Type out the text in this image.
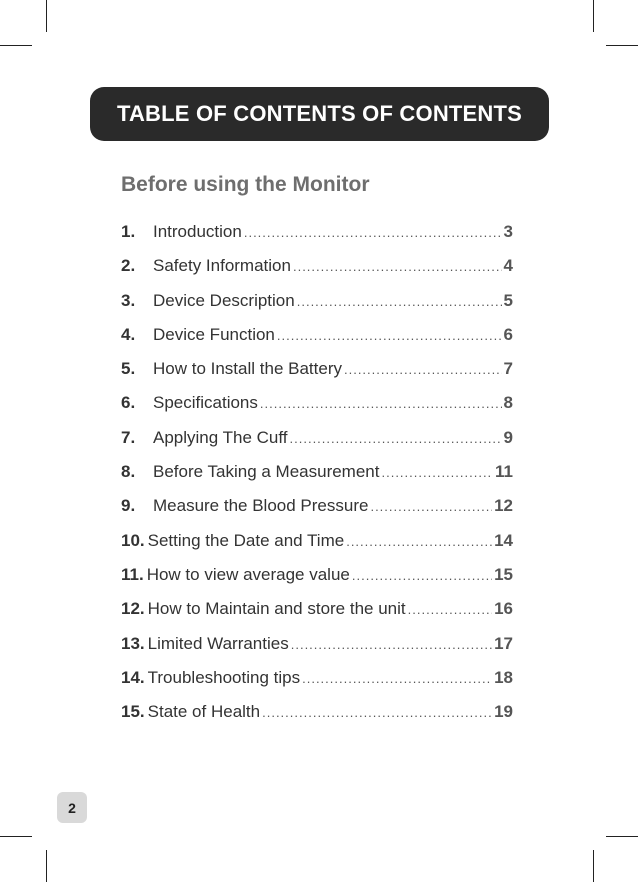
TABLE OF CONTENTS OF CONTENTS
Before using the Monitor
1.	Introduction .....	3
2.	Safety Information .....	4
3.	Device Description .....	5
4.	Device Function .....	6
5.	How to Install the Battery .....	7
6.	Specifications .....	8
7.	Applying The Cuff .....	9
8.	Before Taking a Measurement .....	11
9.	Measure the Blood Pressure .....	12
10. Setting the Date and Time .....	14
11. How to view average value .....	15
12. How to Maintain and store the unit .....	16
13. Limited Warranties .....	17
14. Troubleshooting tips .....	18
15. State of Health .....	19
2
